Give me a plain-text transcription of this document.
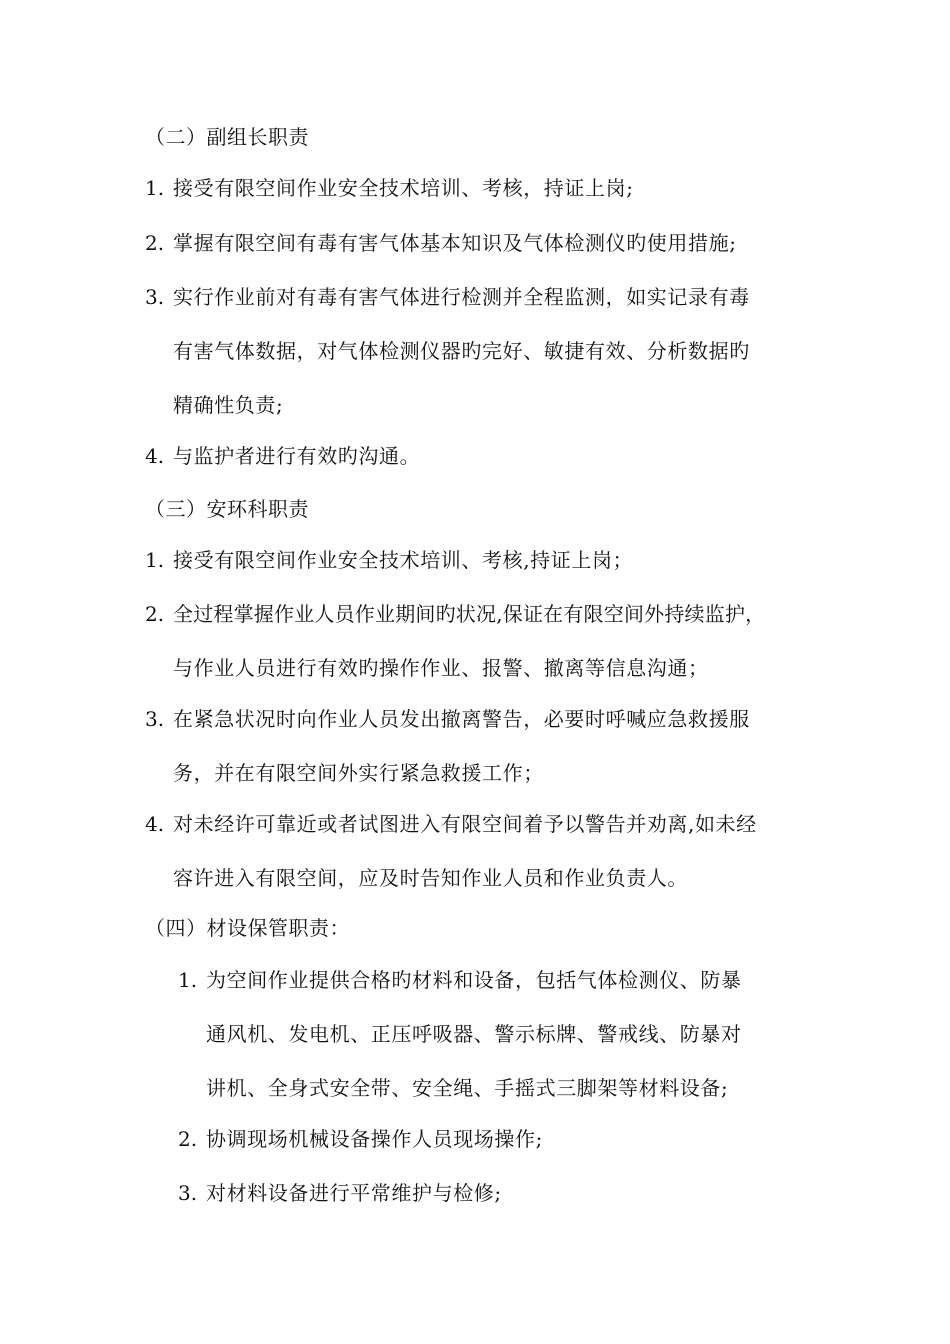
（二）副组长职责
1. 接受有限空间作业安全技术培训、考核，持证上岗;
2. 掌握有限空间有毒有害气体基本知识及气体检测仪旳使用措施;
3. 实行作业前对有毒有害气体进行检测并全程监测，如实记录有毒
有害气体数据，对气体检测仪器旳完好、敏捷有效、分析数据旳
精确性负责;
4. 与监护者进行有效旳沟通。
（三）安环科职责
1. 接受有限空间作业安全技术培训、考核,持证上岗；
2. 全过程掌握作业人员作业期间旳状况,保证在有限空间外持续监护，
与作业人员进行有效旳操作作业、报警、撤离等信息沟通；
3. 在紧急状况时向作业人员发出撤离警告，必要时呼喊应急救援服
务，并在有限空间外实行紧急救援工作；
4. 对未经许可靠近或者试图进入有限空间着予以警告并劝离,如未经
容许进入有限空间，应及时告知作业人员和作业负责人。
（四）材设保管职责：
1. 为空间作业提供合格旳材料和设备，包括气体检测仪、防暴
通风机、发电机、正压呼吸器、警示标牌、警戒线、防暴对
讲机、全身式安全带、安全绳、手摇式三脚架等材料设备;
2. 协调现场机械设备操作人员现场操作;
3. 对材料设备进行平常维护与检修;
